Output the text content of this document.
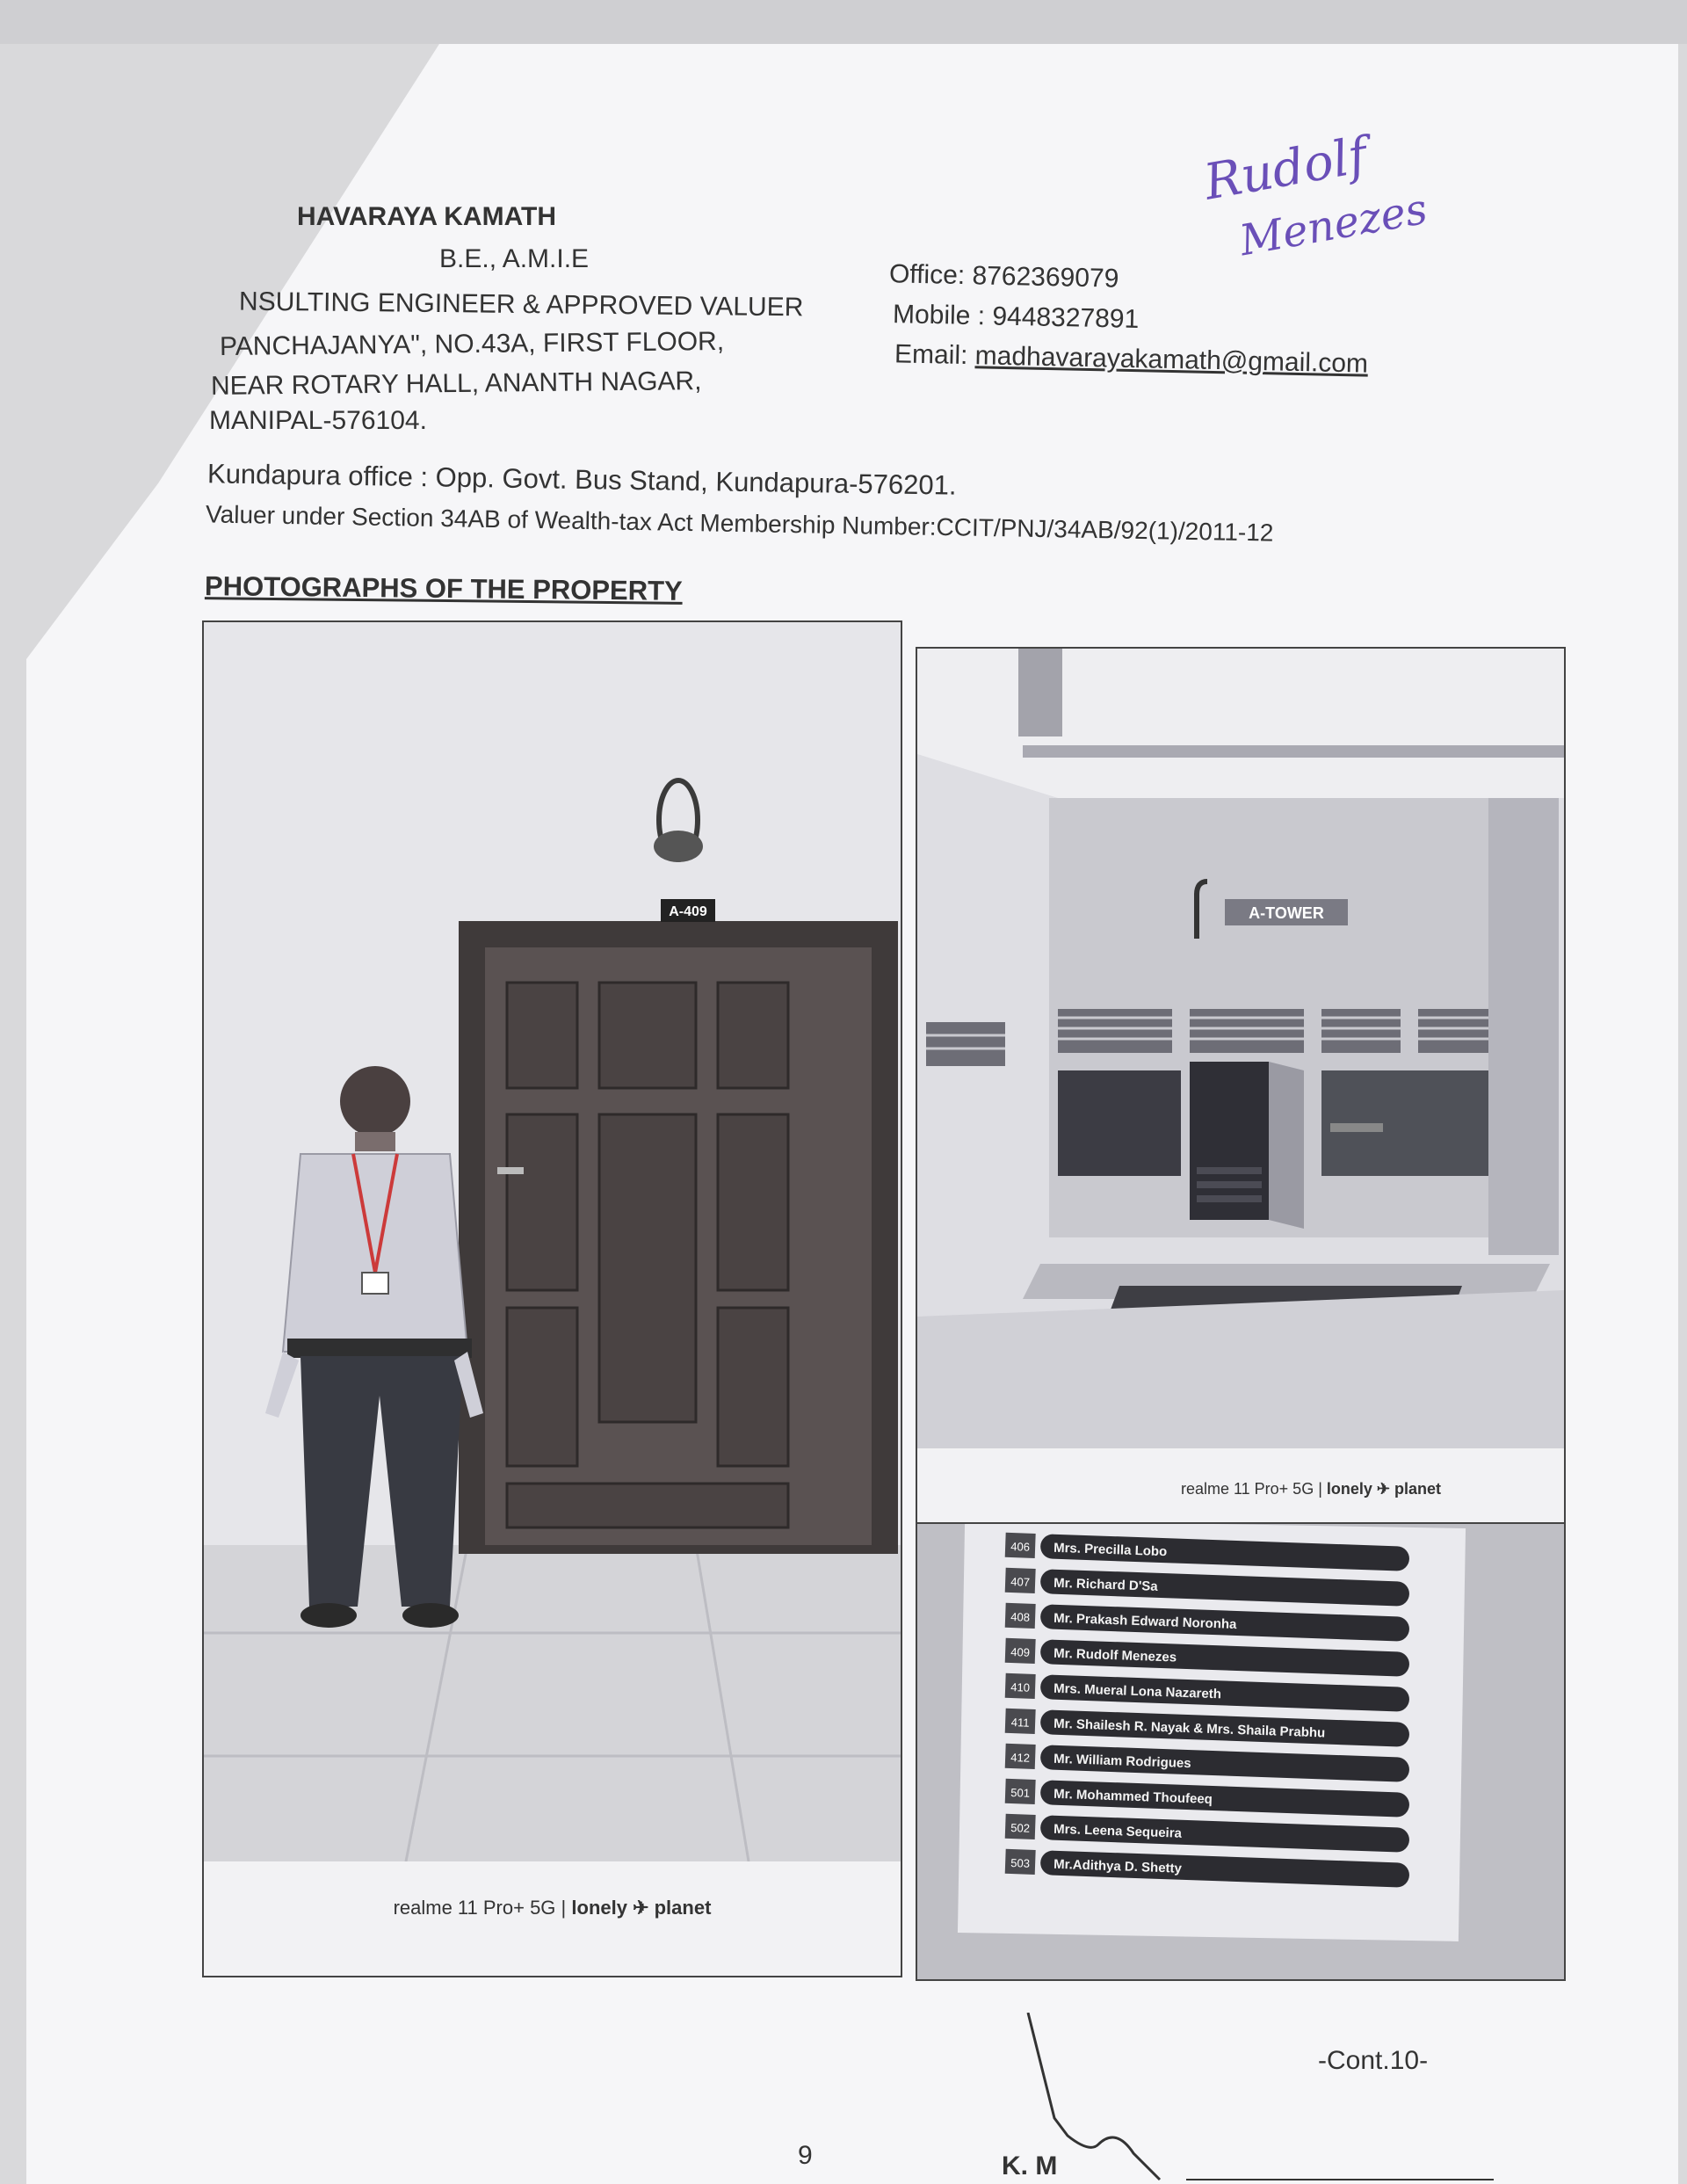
HAVARAYA KAMATH
B.E., A.M.I.E
NSULTING ENGINEER & APPROVED VALUER
PANCHAJANYA", NO.43A, FIRST FLOOR,
NEAR ROTARY HALL, ANANTH NAGAR,
MANIPAL-576104.
Office: 8762369079
Mobile : 9448327891
Email: madhavarayakamath@gmail.com
Kundapura office : Opp. Govt. Bus Stand, Kundapura-576201.
Valuer under Section 34AB of Wealth-tax Act Membership Number:CCIT/PNJ/34AB/92(1)/2011-12
Rudolf
Menezes
PHOTOGRAPHS OF THE PROPERTY
A-409
realme 11 Pro+ 5G | lonely ✈ planet
A-TOWER
realme 11 Pro+ 5G | lonely ✈ planet
406 Mrs. Precilla Lobo
407 Mr. Richard D'Sa
408 Mr. Prakash Edward Noronha
409 Mr. Rudolf Menezes
410 Mrs. Mueral Lona Nazareth
411 Mr. Shailesh R. Nayak & Mrs. Shaila Prabhu
412 Mr. William Rodrigues
501 Mr. Mohammed Thoufeeq
502 Mrs. Leena Sequeira
503 Mr.Adithya D. Shetty
-Cont.10-
9	K. M
